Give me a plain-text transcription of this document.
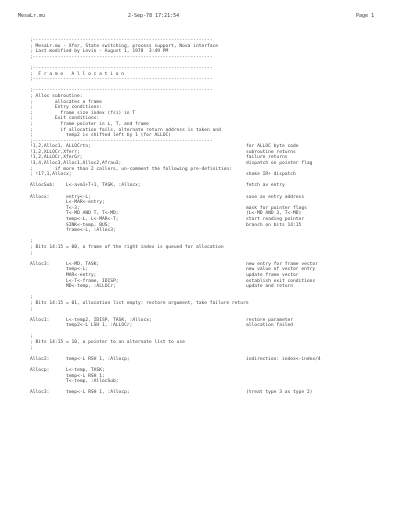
MesaLr.mu	2-Sep-78 17:21:54	Page 1
;-----------------------------------------------------------------
; MesaLr.mu - Xfer, State switching, process support, Nova interface
; Last modified by Levin - August 1, 1978  3:49 PM
;-----------------------------------------------------------------
;-----------------------------------------------------------------
;  F r a m e   A l l o c a t i o n
;-----------------------------------------------------------------
;-----------------------------------------------------------------
; Alloc subroutine:
;        allocates a frame
;        Entry conditions:
;          frame size index (fsi) in T
;        Exit conditions:
;          frame pointer in L, T, and frame
;          if allocation fails, alternate return address is taken and
;            temp2 is shifted left by 1 (for ALLOC)
;-----------------------------------------------------------------
!1,2,Alloc1, ALLOCrtn;	for ALLOC byte code
!1,2,XLLOCr,Xferr;	subroutine returns
!1,2,ALLOCr,XferGr;	failure returns
!3,4,Alloc3,Alloc1,Alloc2,Afrau3;	dispatch on pointer flag
;        if more than 2 callers, un-comment the following pre-definition:
; !17,1,Allocx;	shake IR+ dispatch
AllocSub: L<-avm1+T+1, TASK, :Allocx;	fetch av entry
Allocx:	entry<-L;	save av entry address
L<-MAR<-entry;
T<-3;	mask for pointer flags
T<-MD AND T, T<-MD;	(L<-MD AND 3, T<-MD)
temp<-L, L<-MAR<-T;	start reading pointer
SINK<-temp, BUS;	branch on bits 14:15
frame<-L, :Alloc3;
;
; Bits 14:15 = 00, a frame of the right index is queued for allocation
;
Alloc3:	L<-MD, TASK;	new entry for frame vector
temp<-L;	new value of vector entry
MAR<-entry;	update frame vector
L<-T<-frame, IDISP;	establish exit conditions
MD<-temp, :ALLOCr;	update and return
;
; Bits 14:15 = 01, allocation list empty: restore argument, take failure return
;
Alloc1:	L<-temp2, IDISP, TASK, :Allocx;	restore parameter
temp2<-L LSH 1, :ALLOCr;	allocation failed
;
; Bits 14:15 = 10, a pointer to an alternate list to use
;
Alloc2:	temp<-L RSH 1, :Allocp;	indirection: index<-index/4
Allocp:	L<-temp, TASK;
temp<-L RSH 1;
T<-temp, :AllocSub;
Alloc3:	temp<-L RSH 1, :Allocp;	(treat type 3 as type 2)
